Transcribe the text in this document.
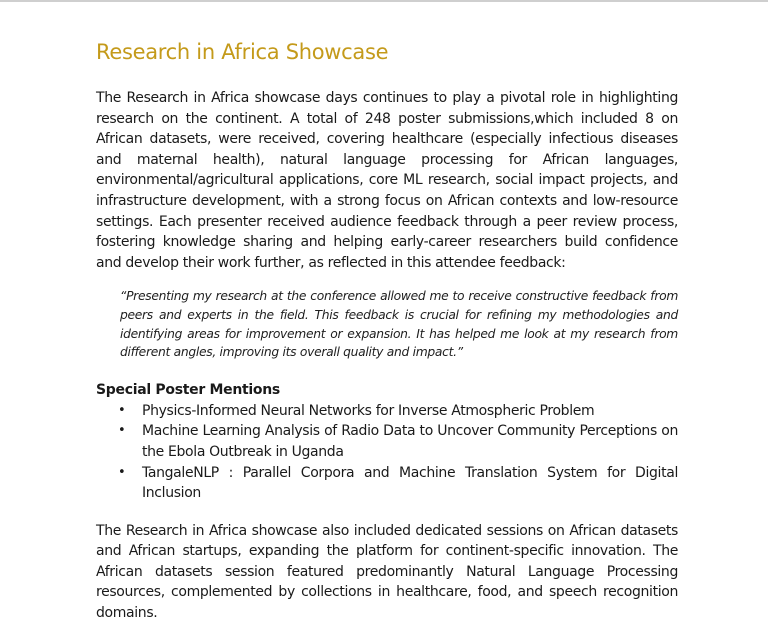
Research in Africa Showcase

The Research in Africa showcase days continues to play a pivotal role in highlighting research on the continent. A total of 248 poster submissions,which included 8 on African datasets, were received, covering healthcare (especially infectious diseases and maternal health), natural language processing for African languages, environmental/agricultural applications, core ML research, social impact projects, and infrastructure development, with a strong focus on African contexts and low-resource settings. Each presenter received audience feedback through a peer review process, fostering knowledge sharing and helping early-career researchers build confidence and develop their work further, as reflected in this attendee feedback:

“Presenting my research at the conference allowed me to receive constructive feedback from peers and experts in the field. This feedback is crucial for refining my methodologies and identifying areas for improvement or expansion. It has helped me look at my research from different angles, improving its overall quality and impact.”
Special Poster Mentions
• Physics-Informed Neural Networks for Inverse Atmospheric Problem
• Machine Learning Analysis of Radio Data to Uncover Community Perceptions on the Ebola Outbreak in Uganda
• TangaleNLP : Parallel Corpora and Machine Translation System for Digital Inclusion

The Research in Africa showcase also included dedicated sessions on African datasets and African startups, expanding the platform for continent-specific innovation. The African datasets session featured predominantly Natural Language Processing resources, complemented by collections in healthcare, food, and speech recognition domains.
